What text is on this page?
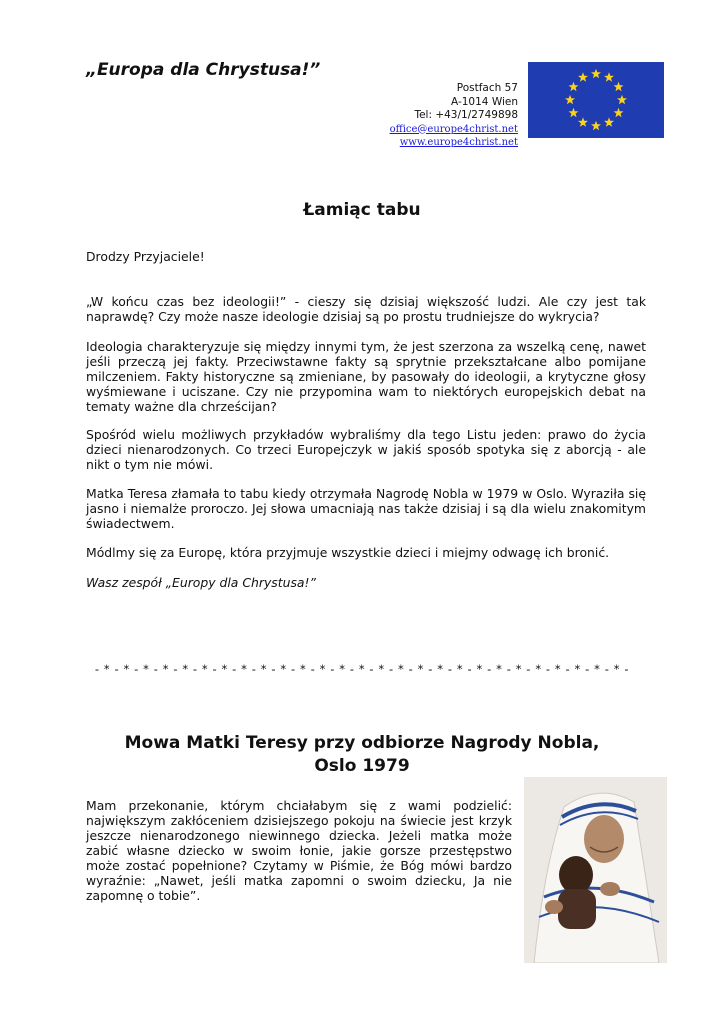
„Europa dla Chrystusa!”
Postfach 57
A-1014 Wien
Tel: +43/1/2749898
office@europe4christ.net
www.europe4christ.net
Łamiąc tabu
Drodzy Przyjaciele!
„W końcu czas bez ideologii!” - cieszy się dzisiaj większość ludzi. Ale czy jest tak naprawdę? Czy może nasze ideologie dzisiaj są po prostu trudniejsze do wykrycia?
Ideologia charakteryzuje się między innymi tym, że jest szerzona za wszelką cenę, nawet jeśli przeczą jej fakty. Przeciwstawne fakty są sprytnie przekształcane albo pomijane milczeniem. Fakty historyczne są zmieniane, by pasowały do ideologii, a krytyczne głosy wyśmiewane i uciszane. Czy nie przypomina wam to niektórych europejskich debat na tematy ważne dla chrześcijan?
Spośród wielu możliwych przykładów wybraliśmy dla tego Listu jeden: prawo do życia dzieci nienarodzonych. Co trzeci Europejczyk w jakiś sposób spotyka się z aborcją - ale nikt o tym nie mówi.
Matka Teresa złamała to tabu kiedy otrzymała Nagrodę Nobla w 1979 w Oslo. Wyraziła się jasno i niemalże proroczo. Jej słowa umacniają nas także dzisiaj i są dla wielu znakomitym świadectwem.
Módlmy się za Europę, która przyjmuje wszystkie dzieci i miejmy odwagę ich bronić.
Wasz zespół „Europy dla Chrystusa!”
- * - * - * - * - * - * - * - * - * - * - * - * - * - * - * - * - * - * - * - * - * - * - * - * - * - * - * -
Mowa Matki Teresy przy odbiorze Nagrody Nobla,
Oslo 1979
Mam przekonanie, którym chciałabym się z wami podzielić: największym zakłóceniem dzisiejszego pokoju na świecie jest krzyk jeszcze nienarodzonego niewinnego dziecka. Jeżeli matka może zabić własne dziecko w swoim łonie, jakie gorsze przestępstwo może zostać popełnione? Czytamy w Piśmie, że Bóg mówi bardzo wyraźnie: „Nawet, jeśli matka zapomni o swoim dziecku, Ja nie zapomnę o tobie”.
